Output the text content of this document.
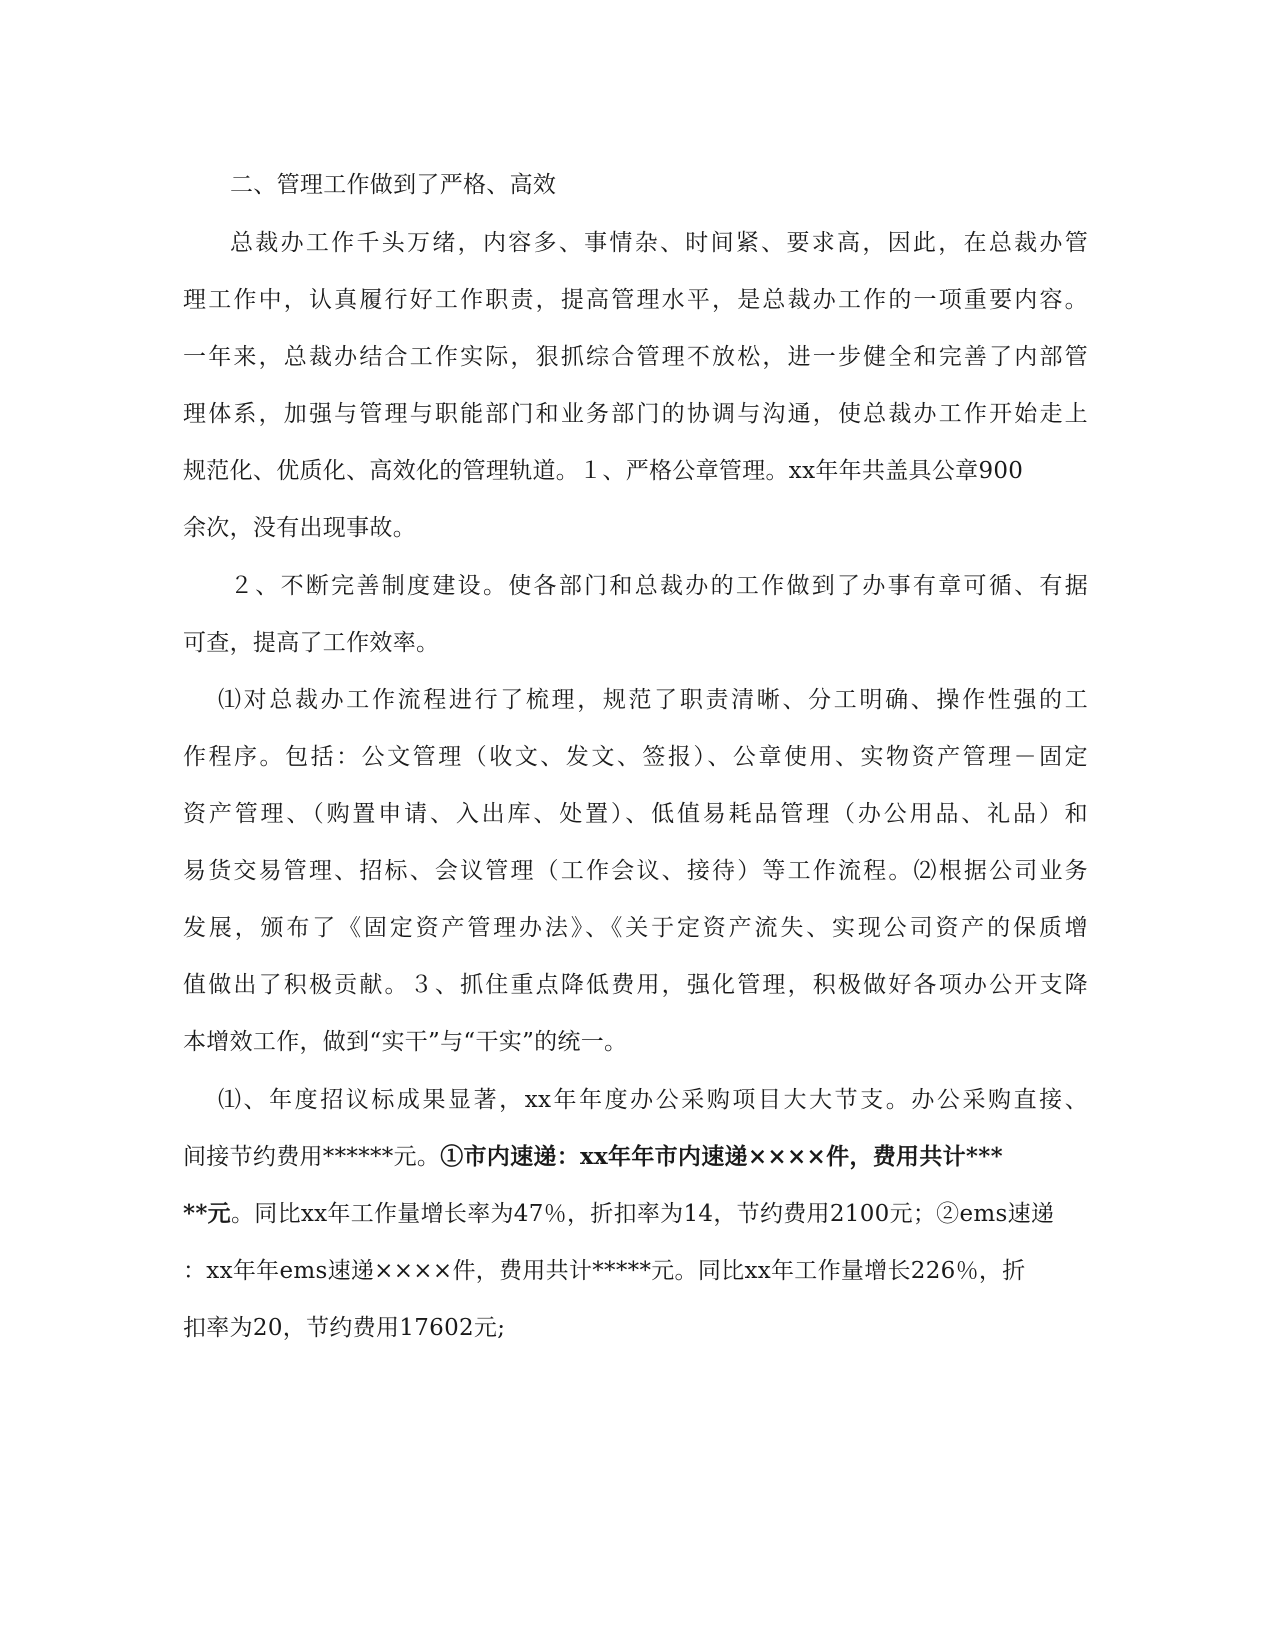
二、管理工作做到了严格、高效
总裁办工作千头万绪，内容多、事情杂、时间紧、要求高，因此，在总裁办管
理工作中，认真履行好工作职责，提高管理水平，是总裁办工作的一项重要内容。
一年来，总裁办结合工作实际，狠抓综合管理不放松，进一步健全和完善了内部管
理体系，加强与管理与职能部门和业务部门的协调与沟通，使总裁办工作开始走上
规范化、优质化、高效化的管理轨道。１、严格公章管理。xx年年共盖具公章900
余次，没有出现事故。
２、不断完善制度建设。使各部门和总裁办的工作做到了办事有章可循、有据
可查，提高了工作效率。
⑴对总裁办工作流程进行了梳理，规范了职责清晰、分工明确、操作性强的工
作程序。包括：公文管理（收文、发文、签报）、公章使用、实物资产管理－固定
资产管理、（购置申请、入出库、处置）、低值易耗品管理（办公用品、礼品）和
易货交易管理、招标、会议管理（工作会议、接待）等工作流程。⑵根据公司业务
发展，颁布了《固定资产管理办法》、《关于定资产流失、实现公司资产的保质增
值做出了积极贡献。３、抓住重点降低费用，强化管理，积极做好各项办公开支降
本增效工作，做到“实干”与“干实”的统一。
⑴、年度招议标成果显著，xx年年度办公采购项目大大节支。办公采购直接、
间接节约费用******元。①市内速递：xx年年市内速递××××件，费用共计***
**元。同比xx年工作量增长率为47％，折扣率为14，节约费用2100元；②ems速递
：xx年年ems速递××××件，费用共计*****元。同比xx年工作量增长226％，折
扣率为20，节约费用17602元;
